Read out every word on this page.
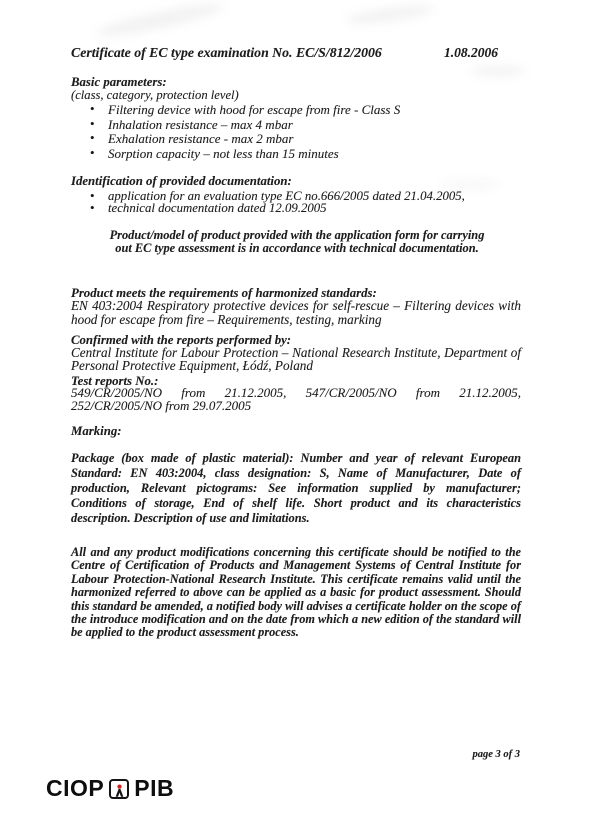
Certificate of EC type examination No. EC/S/812/2006	1.08.2006
Basic parameters:
(class, category, protection level)
• Filtering device with hood for escape from fire - Class S
• Inhalation resistance – max 4 mbar
• Exhalation resistance - max 2 mbar
• Sorption capacity – not less than 15 minutes
Identification of provided documentation:
• application for an evaluation type EC no.666/2005 dated 21.04.2005,
• technical documentation dated 12.09.2005
Product/model of product provided with the application form for carrying out EC type assessment is in accordance with technical documentation.
Product meets the requirements of harmonized standards:
EN 403:2004 Respiratory protective devices for self-rescue – Filtering devices with hood for escape from fire – Requirements, testing, marking
Confirmed with the reports performed by:
Central Institute for Labour Protection – National Research Institute, Department of Personal Protective Equipment, Łódź, Poland
Test reports No.:
549/CR/2005/NO from 21.12.2005, 547/CR/2005/NO from 21.12.2005, 252/CR/2005/NO from 29.07.2005
Marking:
Package (box made of plastic material): Number and year of relevant European Standard: EN 403:2004, class designation: S, Name of Manufacturer, Date of production, Relevant pictograms: See information supplied by manufacturer; Conditions of storage, End of shelf life. Short product and its characteristics description. Description of use and limitations.
All and any product modifications concerning this certificate should be notified to the Centre of Certification of Products and Management Systems of Central Institute for Labour Protection-National Research Institute. This certificate remains valid until the harmonized referred to above can be applied as a basic for product assessment. Should this standard be amended, a notified body will advises a certificate holder on the scope of the introduce modification and on the date from which a new edition of the standard will be applied to the product assessment process.
page 3 of 3
CIOP PIB
